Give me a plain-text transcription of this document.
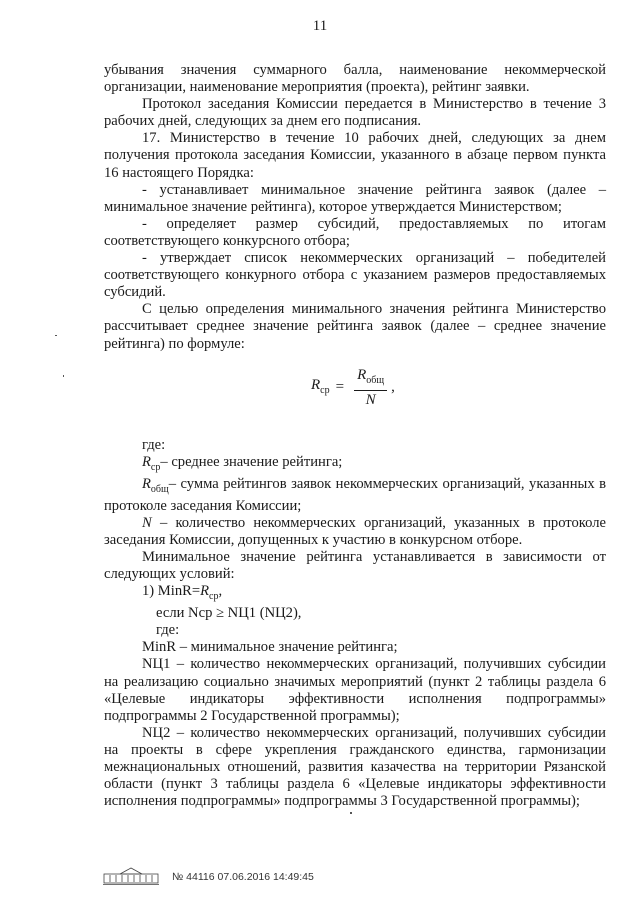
11

убывания значения суммарного балла, наименование некоммерческой организации, наименование мероприятия (проекта), рейтинг заявки.

Протокол заседания Комиссии передается в Министерство в течение 3 рабочих дней, следующих за днем его подписания.

17. Министерство в течение 10 рабочих дней, следующих за днем получения протокола заседания Комиссии, указанного в абзаце первом пункта 16 настоящего Порядка:

- устанавливает минимальное значение рейтинга заявок (далее – минимальное значение рейтинга), которое утверждается Министерством;

- определяет размер субсидий, предоставляемых по итогам соответствующего конкурсного отбора;

- утверждает список некоммерческих организаций – победителей соответствующего конкурного отбора с указанием размеров предоставляемых субсидий.

С целью определения минимального значения рейтинга Министерство рассчитывает среднее значение рейтинга заявок (далее – среднее значение рейтинга) по формуле:

$R_{ср} = \frac{R_{общ}}{N}$ ,

где:

$R_{ср}-$ среднее значение рейтинга;

$R_{общ}-$ сумма рейтингов заявок некоммерческих организаций, указанных в протоколе заседания Комиссии;

N – количество некоммерческих организаций, указанных в протоколе заседания Комиссии, допущенных к участию в конкурсном отборе.

Минимальное значение рейтинга устанавливается в зависимости от следующих условий:

1) $MinR=R_{ср}$,

если Nср ≥ NЦ1 (NЦ2),

где:

MinR – минимальное значение рейтинга;

NЦ1 – количество некоммерческих организаций, получивших субсидии на реализацию социально значимых мероприятий (пункт 2 таблицы раздела 6 «Целевые индикаторы эффективности исполнения подпрограммы» подпрограммы 2 Государственной программы);

NЦ2 – количество некоммерческих организаций, получивших субсидии на проекты в сфере укрепления гражданского единства, гармонизации межнациональных отношений, развития казачества на территории Рязанской области (пункт 3 таблицы раздела 6 «Целевые индикаторы эффективности исполнения подпрограммы» подпрограммы 3 Государственной программы);

№ 44116 07.06.2016 14:49:45
